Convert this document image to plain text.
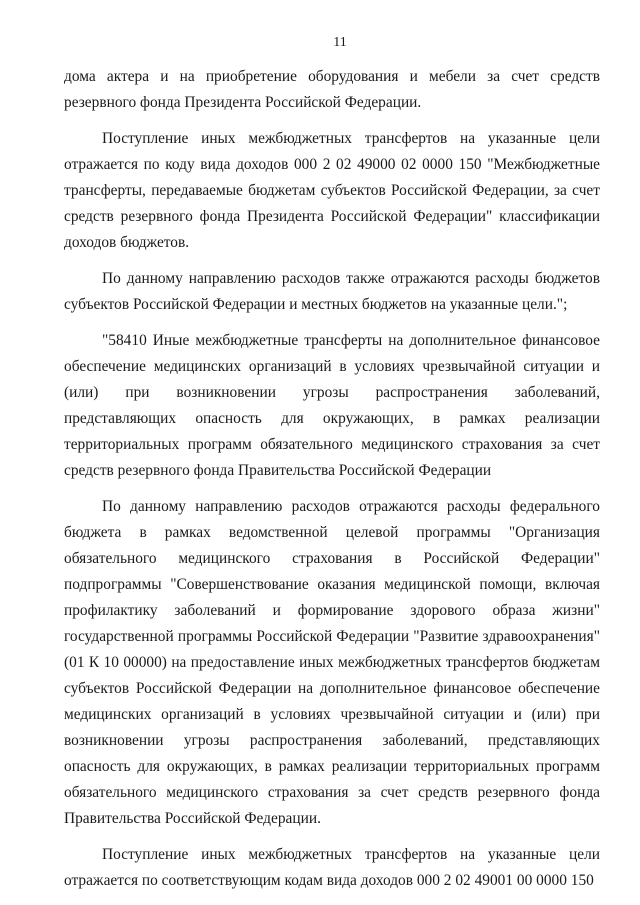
11

дома актера и на приобретение оборудования и мебели за счет средств резервного фонда Президента Российской Федерации.

Поступление иных межбюджетных трансфертов на указанные цели отражается по коду вида доходов 000 2 02 49000 02 0000 150 "Межбюджетные трансферты, передаваемые бюджетам субъектов Российской Федерации, за счет средств резервного фонда Президента Российской Федерации" классификации доходов бюджетов.

По данному направлению расходов также отражаются расходы бюджетов субъектов Российской Федерации и местных бюджетов на указанные цели.";

"58410 Иные межбюджетные трансферты на дополнительное финансовое обеспечение медицинских организаций в условиях чрезвычайной ситуации и (или) при возникновении угрозы распространения заболеваний, представляющих опасность для окружающих, в рамках реализации территориальных программ обязательного медицинского страхования за счет средств резервного фонда Правительства Российской Федерации

По данному направлению расходов отражаются расходы федерального бюджета в рамках ведомственной целевой программы "Организация обязательного медицинского страхования в Российской Федерации" подпрограммы "Совершенствование оказания медицинской помощи, включая профилактику заболеваний и формирование здорового образа жизни" государственной программы Российской Федерации "Развитие здравоохранения" (01 К 10 00000) на предоставление иных межбюджетных трансфертов бюджетам субъектов Российской Федерации на дополнительное финансовое обеспечение медицинских организаций в условиях чрезвычайной ситуации и (или) при возникновении угрозы распространения заболеваний, представляющих опасность для окружающих, в рамках реализации территориальных программ обязательного медицинского страхования за счет средств резервного фонда Правительства Российской Федерации.

Поступление иных межбюджетных трансфертов на указанные цели отражается по соответствующим кодам вида доходов 000 2 02 49001 00 0000 150
